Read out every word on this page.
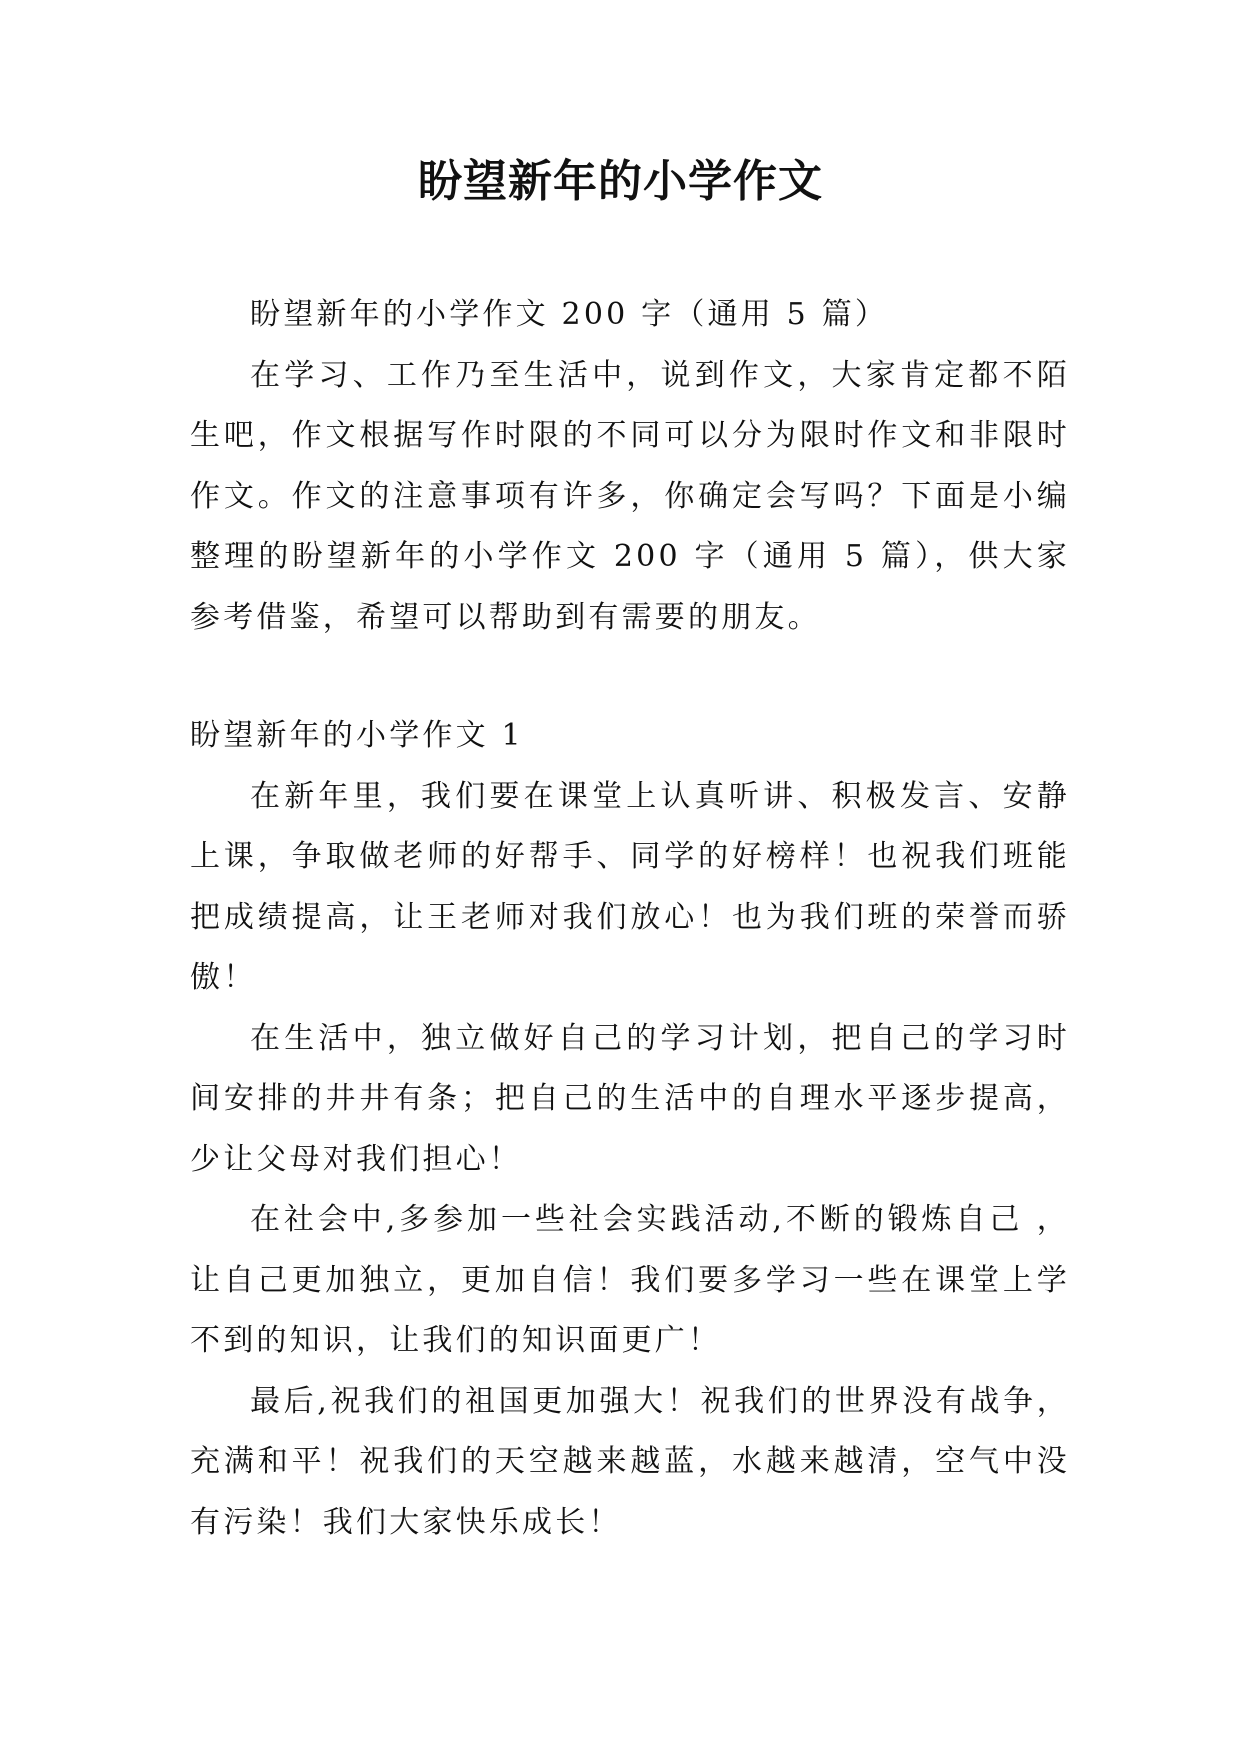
盼望新年的小学作文

盼望新年的小学作文 200 字（通用 5 篇）

在学习、工作乃至生活中，说到作文，大家肯定都不陌生吧，作文根据写作时限的不同可以分为限时作文和非限时作文。作文的注意事项有许多，你确定会写吗？下面是小编整理的盼望新年的小学作文 200 字（通用 5 篇），供大家参考借鉴，希望可以帮助到有需要的朋友。

盼望新年的小学作文 1

在新年里，我们要在课堂上认真听讲、积极发言、安静上课，争取做老师的好帮手、同学的好榜样！也祝我们班能把成绩提高，让王老师对我们放心！也为我们班的荣誉而骄傲！

在生活中，独立做好自己的学习计划，把自己的学习时间安排的井井有条；把自己的生活中的自理水平逐步提高，少让父母对我们担心！

在社会中,多参加一些社会实践活动,不断的锻炼自己 ，让自己更加独立，更加自信！我们要多学习一些在课堂上学不到的知识，让我们的知识面更广！

最后,祝我们的祖国更加强大！祝我们的世界没有战争，充满和平！祝我们的天空越来越蓝，水越来越清，空气中没有污染！我们大家快乐成长！
